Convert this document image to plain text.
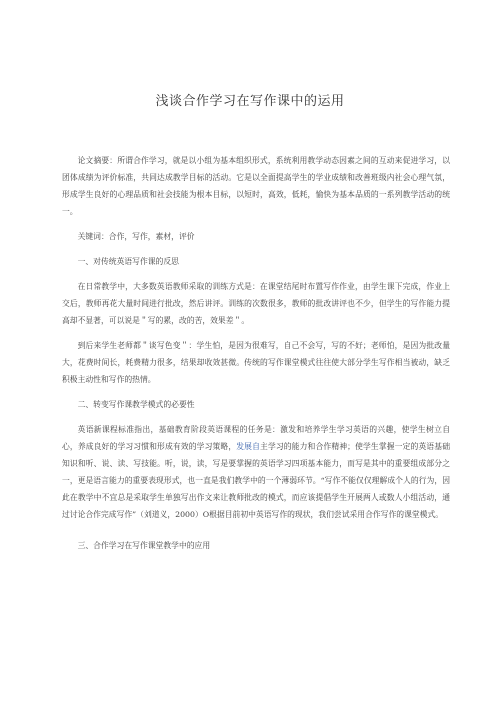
浅谈合作学习在写作课中的运用

论文摘要：所谓合作学习，就是以小组为基本组织形式，系统利用教学动态因素之间的互动来促进学习，以团体成绩为评价标准，共同达成教学目标的活动。它是以全面提高学生的学业成绩和改善班级内社会心理气氛，形成学生良好的心理品质和社会技能为根本目标，以短时，高效，低耗，愉快为基本品质的一系列教学活动的统一。

关键词：合作，写作，素材，评价

一、对传统英语写作课的反思

在日常教学中，大多数英语教师采取的训练方式是：在课堂结尾时布置写作作业，由学生课下完成，作业上交后，教师再花大量时间进行批改，然后讲评。训练的次数很多，教师的批改讲评也不少，但学生的写作能力提高却不显著，可以说是＂写的累，改的苦，效果差＂。

到后来学生老师都＂谈写色变＂：学生怕，是因为很难写，自己不会写，写的不好；老师怕，是因为批改量大，花费时间长，耗费精力很多，结果却收效甚微。传统的写作课堂模式往往使大部分学生写作相当被动，缺乏积极主动性和写作的热情。

二、转变写作课教学模式的必要性

英语新课程标准指出，基础教育阶段英语课程的任务是：激发和培养学生学习英语的兴趣，使学生树立自心，养成良好的学习习惯和形成有效的学习策略，发展自主学习的能力和合作精神；使学生掌握一定的英语基础知识和听、说、读、写技能。听，说，读，写是要掌握的英语学习四项基本能力，而写是其中的重要组成部分之一，更是语言能力的重要表现形式，也一直是我们教学中的一个薄弱环节。“写作不能仅仅理解成个人的行为，因此在教学中不宜总是采取学生单独写出作文来让教师批改的模式，而应该提倡学生开展两人或数人小组活动，通过讨论合作完成写作”（刘道义，2000）O根据目前初中英语写作的现状，我们尝试采用合作写作的课堂模式。

三、合作学习在写作课堂教学中的应用
